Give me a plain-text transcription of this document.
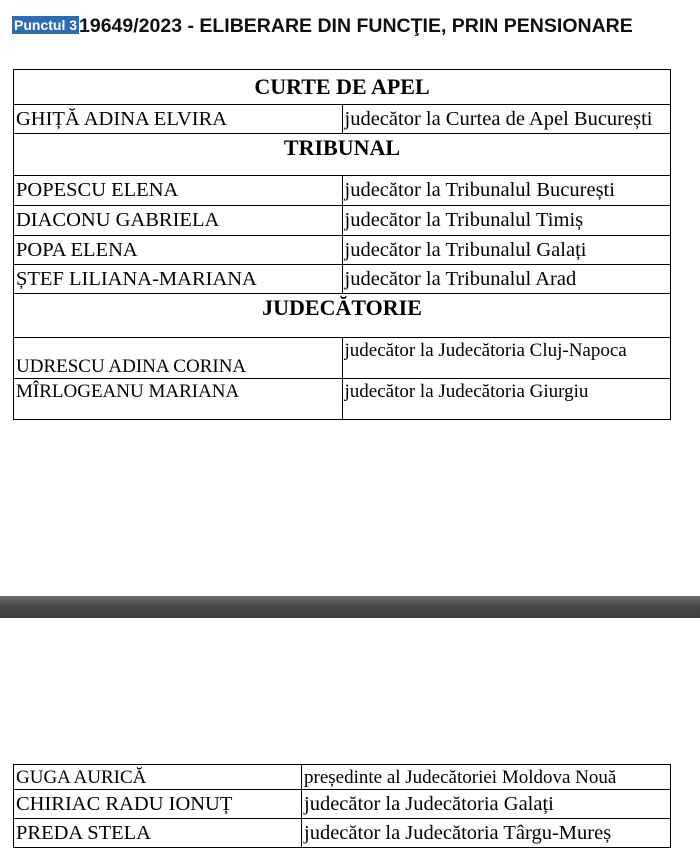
Punctul 3 19649/2023 - ELIBERARE DIN FUNCŢIE, PRIN PENSIONARE
CURTE DE APEL	
GHIȚĂ ADINA ELVIRA	judecător la Curtea de Apel București
TRIBUNAL	
POPESCU ELENA	judecător la Tribunalul București
DIACONU GABRIELA	judecător la Tribunalul Timiș
POPA ELENA	judecător la Tribunalul Galați
ȘTEF LILIANA-MARIANA	judecător la Tribunalul Arad
JUDECĂTORIE	
UDRESCU ADINA CORINA	judecător la Judecătoria Cluj-Napoca
MÎRLOGEANU MARIANA	judecător la Judecătoria Giurgiu
GUGA AURICĂ	președinte al Judecătoriei Moldova Nouă
CHIRIAC RADU IONUȚ	judecător la Judecătoria Galați
PREDA STELA	judecător la Judecătoria Târgu-Mureș
